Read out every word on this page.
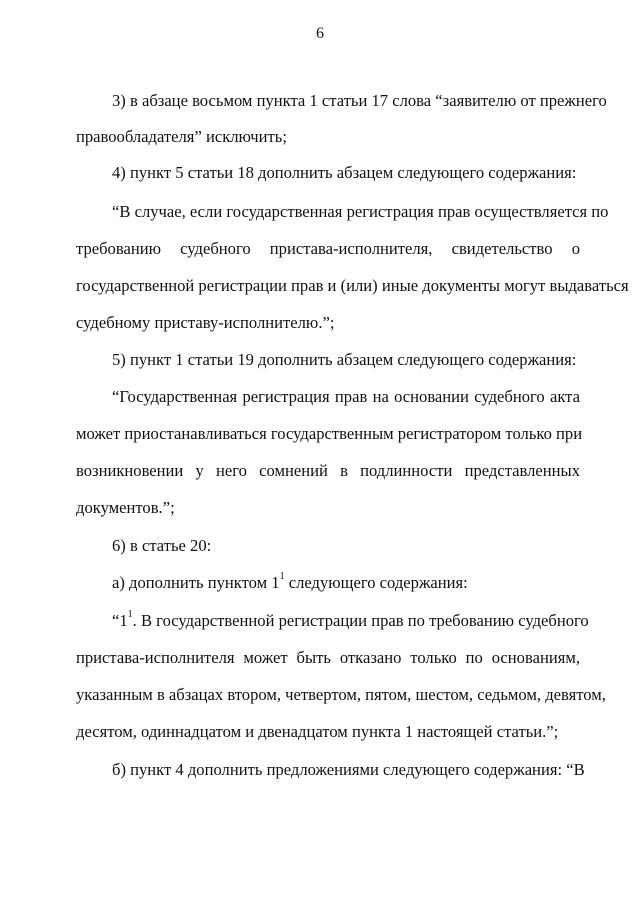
6
3) в абзаце восьмом пункта 1 статьи 17 слова “заявителю от прежнего
правообладателя” исключить;
4) пункт 5 статьи 18 дополнить абзацем следующего содержания:
“В случае, если государственная регистрация прав осуществляется по
требованию судебного пристава-исполнителя, свидетельство о
государственной регистрации прав и (или) иные документы могут выдаваться
судебному приставу-исполнителю.”;
5) пункт 1 статьи 19 дополнить абзацем следующего содержания:
“Государственная регистрация прав на основании судебного акта
может приостанавливаться государственным регистратором только при
возникновении у него сомнений в подлинности представленных
документов.”;
6) в статье 20:
а) дополнить пунктом $1^1$ следующего содержания:
“$1^1$. В государственной регистрации прав по требованию судебного
пристава-исполнителя может быть отказано только по основаниям,
указанным в абзацах втором, четвертом, пятом, шестом, седьмом, девятом,
десятом, одиннадцатом и двенадцатом пункта 1 настоящей статьи.”;
б) пункт 4 дополнить предложениями следующего содержания: “В
